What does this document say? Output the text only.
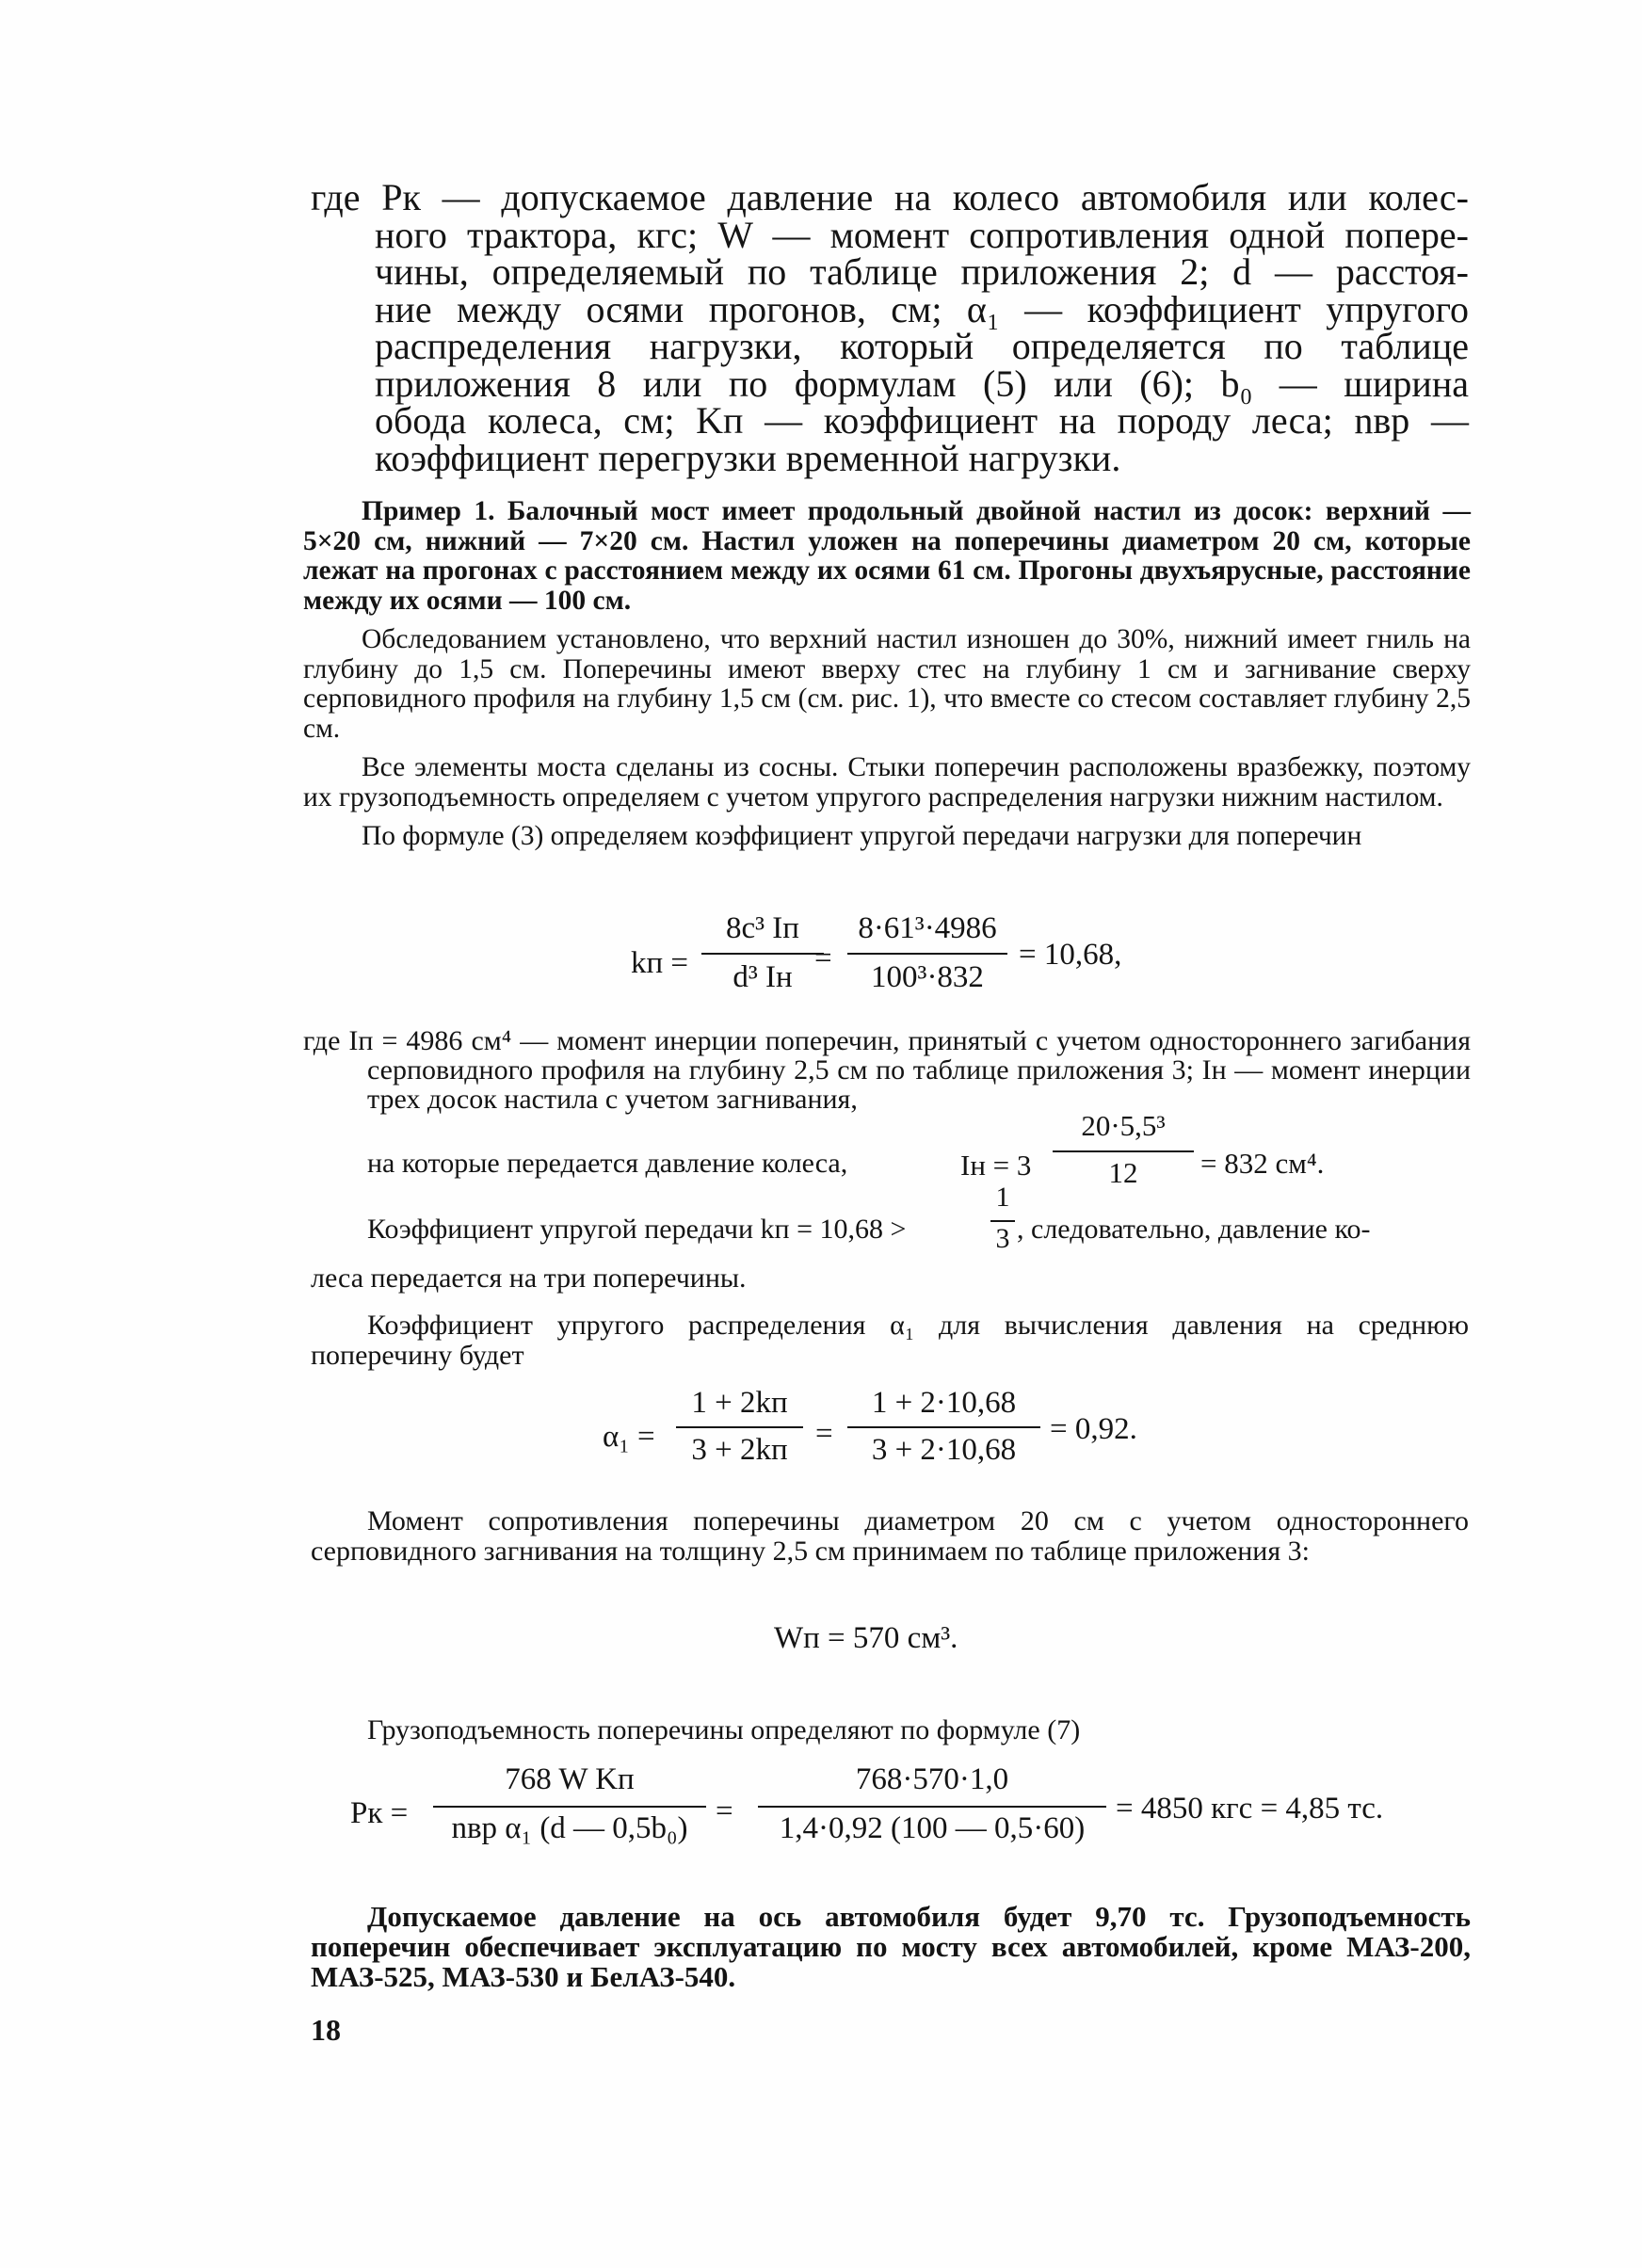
где Pк — допускаемое давление на колесо автомобиля или колес-
ного трактора, кгс; W — момент сопротивления одной попере-
чины, определяемый по таблице приложения 2; d — расстоя-
ние между осями прогонов, см; α₁ — коэффициент упругого
распределения нагрузки, который определяется по таблице
приложения 8 или по формулам (5) или (6); b₀ — ширина
обода колеса, см; Kп — коэффициент на породу леса; nвр —
коэффициент перегрузки временной нагрузки.

Пример 1. Балочный мост имеет продольный двойной настил из досок: верхний — 5×20 см, нижний — 7×20 см. Настил уложен на поперечины диаметром 20 см, которые лежат на прогонах с расстоянием между их осями 61 см. Прогоны двухъярусные, расстояние между их осями — 100 см.

Обследованием установлено, что верхний настил изношен до 30%, нижний имеет гниль на глубину до 1,5 см. Поперечины имеют вверху стес на глубину 1 см и загнивание сверху серповидного профиля на глубину 1,5 см (см. рис. 1), что вместе со стесом составляет глубину 2,5 см.

Все элементы моста сделаны из сосны. Стыки поперечин расположены вразбежку, поэтому их грузоподъемность определяем с учетом упругого распределения нагрузки нижним настилом.

По формуле (3) определяем коэффициент упругой передачи нагрузки для поперечин

kп =
8c³ Iп
d³ Iн
=
8·61³·4986
100³·832
= 10,68,
где Iп = 4986 см⁴ — момент инерции поперечин, принятый с учетом одностороннего загибания серповидного профиля на глубину 2,5 см по таблице приложения 3; Iн — момент инерции трех досок настила с учетом загнивания,
на которые передается давление колеса,	Iн = 3
20·5,5³
12	= 832 см⁴.
Коэффициент упругой передачи kп = 10,68 >
1
3 , следовательно, давление ко-
леса передается на три поперечины.
Коэффициент упругого распределения α₁ для вычисления давления на среднюю поперечину будет
α₁ =
1 + 2kп
3 + 2kп =
1 + 2·10,68
3 + 2·10,68
= 0,92.
Момент сопротивления поперечины диаметром 20 см с учетом одностороннего серповидного загнивания на толщину 2,5 см принимаем по таблице приложения 3:
Wп = 570 см³.
Грузоподъемность поперечины определяют по формуле (7)
Pк =
768 W Kп
nвр α₁ (d — 0,5b₀) =
768·570·1,0
1,4·0,92 (100 — 0,5·60)
= 4850 кгс = 4,85 тс.
Допускаемое давление на ось автомобиля будет 9,70 тс. Грузоподъемность поперечин обеспечивает эксплуатацию по мосту всех автомобилей, кроме МАЗ-200, МАЗ-525, МАЗ-530 и БелАЗ-540.
18
